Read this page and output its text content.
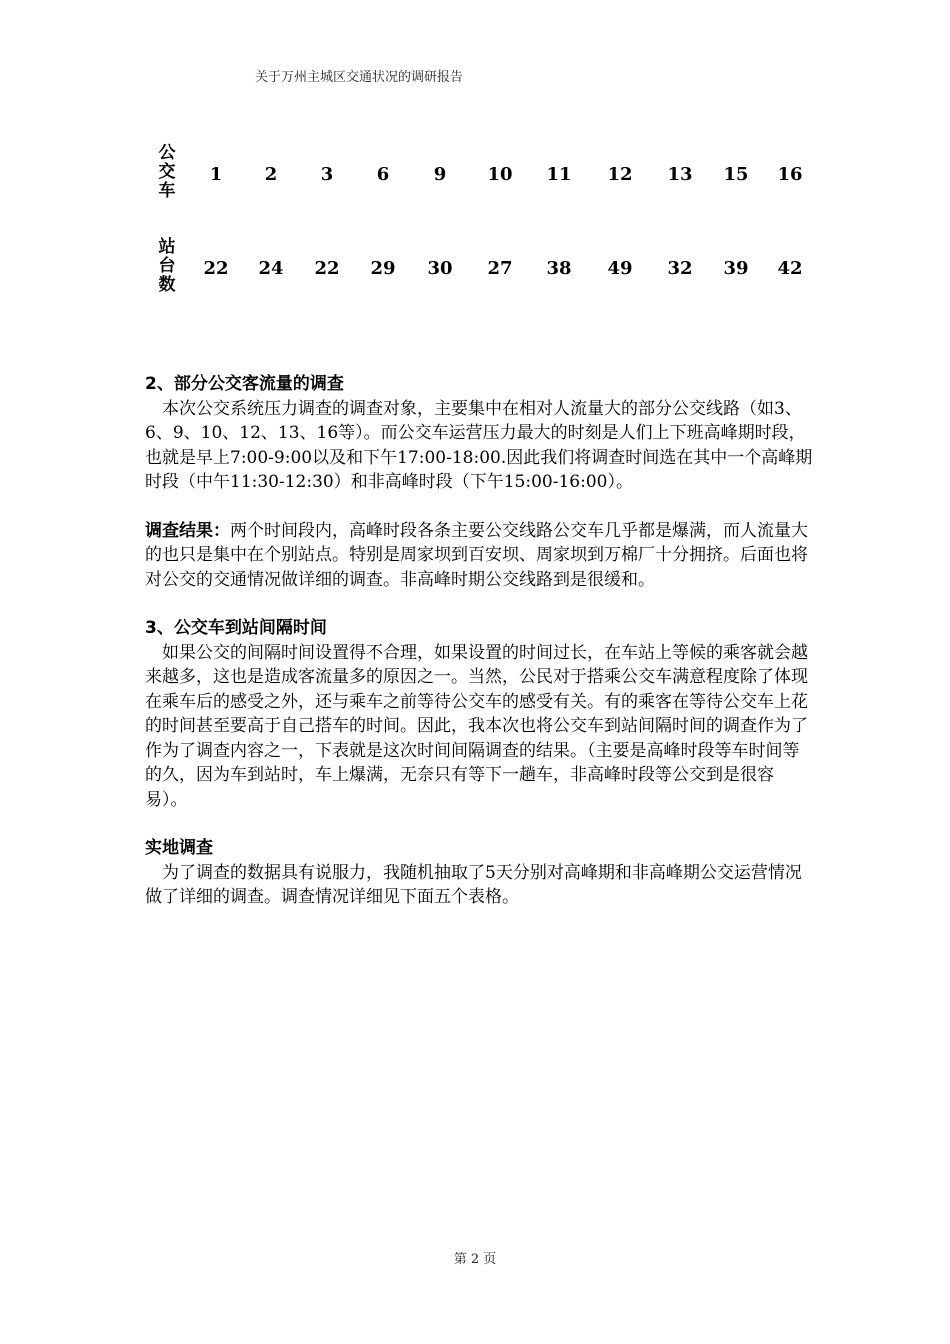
关于万州主城区交通状况的调研报告
公
交
车
1	2	3	6	9	10	11	12	13	15	16
站
台
数
22	24	22	29	30	27	38	49	32	39	42

2、部分公交客流量的调查

　本次公交系统压力调查的调查对象，主要集中在相对人流量大的部分公交线路（如3、6、9、10、12、13、16等）。而公交车运营压力最大的时刻是人们上下班高峰期时段，也就是早上7:00-9:00以及和下午17:00-18:00.因此我们将调查时间选在其中一个高峰期时段（中午11:30-12:30）和非高峰时段（下午15:00-16:00）。

调查结果：两个时间段内，高峰时段各条主要公交线路公交车几乎都是爆满，而人流量大的也只是集中在个别站点。特别是周家坝到百安坝、周家坝到万棉厂十分拥挤。后面也将对公交的交通情况做详细的调查。非高峰时期公交线路到是很缓和。

3、公交车到站间隔时间

　如果公交的间隔时间设置得不合理，如果设置的时间过长，在车站上等候的乘客就会越来越多，这也是造成客流量多的原因之一。当然，公民对于搭乘公交车满意程度除了体现在乘车后的感受之外，还与乘车之前等待公交车的感受有关。有的乘客在等待公交车上花的时间甚至要高于自己搭车的时间。因此，我本次也将公交车到站间隔时间的调查作为了作为了调查内容之一，下表就是这次时间间隔调查的结果。（主要是高峰时段等车时间等的久，因为车到站时，车上爆满，无奈只有等下一趟车，非高峰时段等公交到是很容易）。

实地调查

　为了调查的数据具有说服力，我随机抽取了5天分别对高峰期和非高峰期公交运营情况做了详细的调查。调查情况详细见下面五个表格。

第 2 页
